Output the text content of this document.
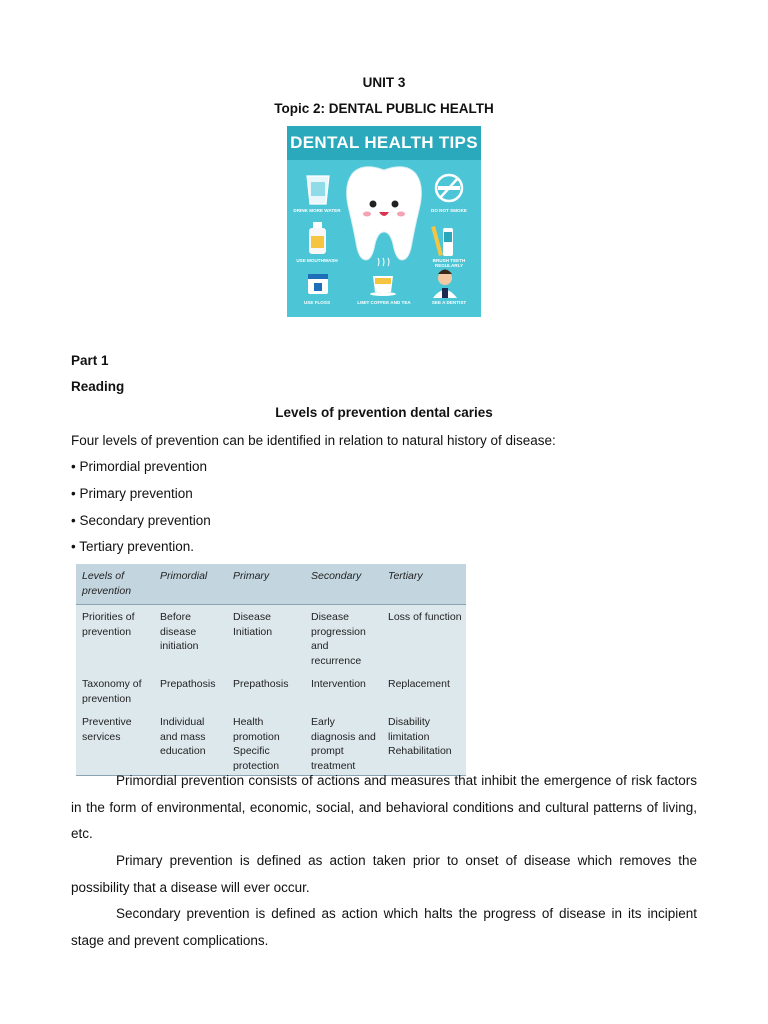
UNIT 3
Topic 2: DENTAL PUBLIC HEALTH
DENTAL HEALTH TIPS
DRINK MORE WATER	DO NOT SMOKE
USE MOUTHWASH	BRUSH TEETH REGULARLY
USE FLOSS	LIMIT COFFEE AND TEA	SEE A DENTIST
Part 1
Reading
Levels of prevention dental caries
Four levels of prevention can be identified in relation to natural history of disease:
• Primordial prevention
• Primary prevention
• Secondary prevention
• Tertiary prevention.
Levels of prevention	Primordial	Primary	Secondary	Tertiary
Priorities of prevention	Before disease initiation	Disease Initiation	Disease progression and recurrence	Loss of function
Taxonomy of prevention	Prepathosis	Prepathosis	Intervention	Replacement
Preventive services	Individual and mass education	Health promotion Specific protection	Early diagnosis and prompt treatment	Disability limitation Rehabilitation
Primordial prevention consists of actions and measures that inhibit the emergence of risk factors in the form of environmental, economic, social, and behavioral conditions and cultural patterns of living, etc.
Primary prevention is defined as action taken prior to onset of disease which removes the possibility that a disease will ever occur.
Secondary prevention is defined as action which halts the progress of disease in its incipient stage and prevent complications.
